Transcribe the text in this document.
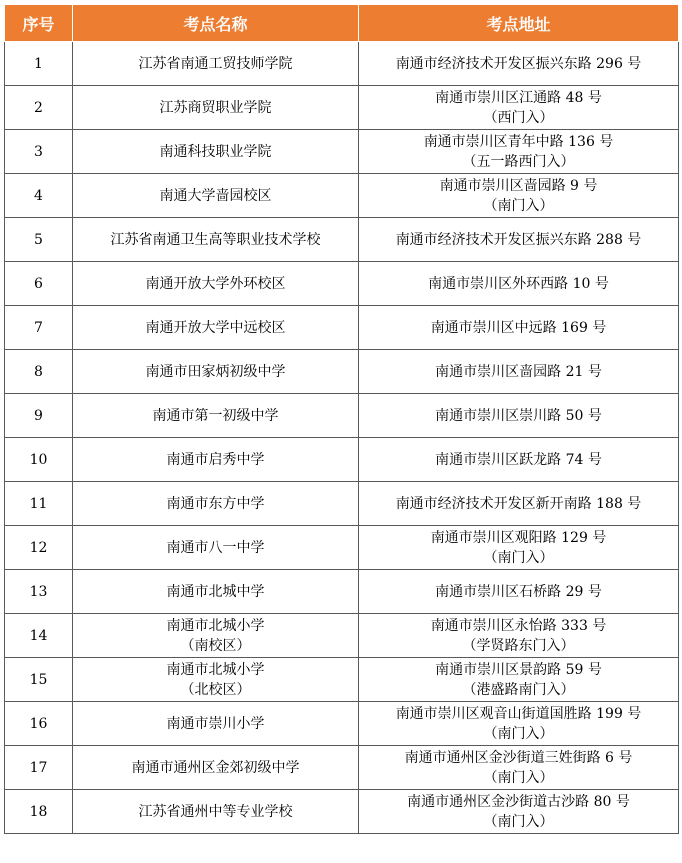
序号	考点名称	考点地址
1	江苏省南通工贸技师学院	南通市经济技术开发区振兴东路 296 号

2	江苏商贸职业学院	南通市崇川区江通路 48 号
（西门入）

3	南通科技职业学院	南通市崇川区青年中路 136 号
（五一路西门入）

4	南通大学啬园校区	南通市崇川区啬园路 9 号
（南门入）

5	江苏省南通卫生高等职业技术学校	南通市经济技术开发区振兴东路 288 号

6	南通开放大学外环校区	南通市崇川区外环西路 10 号

7	南通开放大学中远校区	南通市崇川区中远路 169 号

8	南通市田家炳初级中学	南通市崇川区啬园路 21 号

9	南通市第一初级中学	南通市崇川区崇川路 50 号

10	南通市启秀中学	南通市崇川区跃龙路 74 号

11	南通市东方中学	南通市经济技术开发区新开南路 188 号

12	南通市八一中学	南通市崇川区观阳路 129 号
（南门入）

13	南通市北城中学	南通市崇川区石桥路 29 号

14	南通市北城小学
（南校区）	南通市崇川区永怡路 333 号
（学贤路东门入）

15	南通市北城小学
（北校区）	南通市崇川区景韵路 59 号
（港盛路南门入）

16	南通市崇川小学	南通市崇川区观音山街道国胜路 199 号
（南门入）

17	南通市通州区金郊初级中学	南通市通州区金沙街道三姓街路 6 号
（南门入）

18	江苏省通州中等专业学校	南通市通州区金沙街道古沙路 80 号
（南门入）
